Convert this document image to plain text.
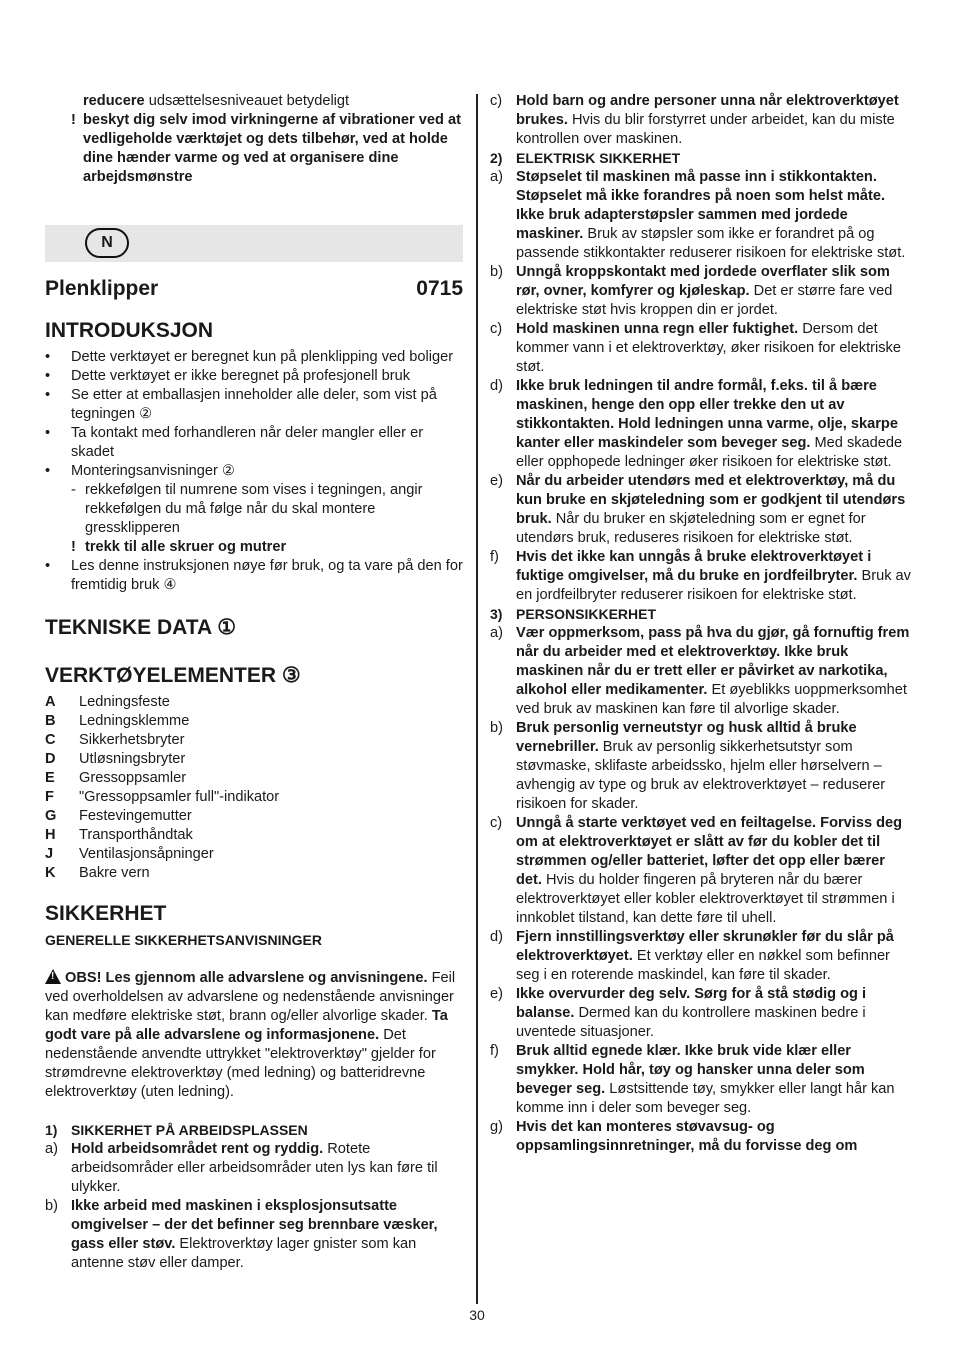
reducere udsættelsesniveauet betydeligt
! beskyt dig selv imod virkningerne af vibrationer ved at vedligeholde værktøjet og dets tilbehør, ved at holde dine hænder varme og ved at organisere dine arbejdsmønstre
N
Plenklipper	0715
INTRODUKSJON
•	Dette verktøyet er beregnet kun på plenklipping ved boliger
•	Dette verktøyet er ikke beregnet på profesjonell bruk
•	Se etter at emballasjen inneholder alle deler, som vist på tegningen ②
•	Ta kontakt med forhandleren når deler mangler eller er skadet
•	Monteringsanvisninger ②
- rekkefølgen til numrene som vises i tegningen, angir rekkefølgen du må følge når du skal montere gressklipperen
! trekk til alle skruer og mutrer
•	Les denne instruksjonen nøye før bruk, og ta vare på den for fremtidig bruk ④
TEKNISKE DATA ①
VERKTØYELEMENTER ③
A	Ledningsfeste
B	Ledningsklemme
C	Sikkerhetsbryter
D	Utløsningsbryter
E	Gressoppsamler
F	"Gressoppsamler full"-indikator
G	Festevingemutter
H	Transporthåndtak
J	Ventilasjonsåpninger
K	Bakre vern
SIKKERHET
GENERELLE SIKKERHETSANVISNINGER
!OBS! Les gjennom alle advarslene og anvisningene. Feil ved overholdelsen av advarslene og nedenstående anvisninger kan medføre elektriske støt, brann og/eller alvorlige skader. Ta godt vare på alle advarslene og informasjonene. Det nedenstående anvendte uttrykket "elektroverktøy" gjelder for strømdrevne elektroverktøy (med ledning) og batteridrevne elektroverktøy (uten ledning).
1) SIKKERHET PÅ ARBEIDSPLASSEN
a) Hold arbeidsområdet rent og ryddig. Rotete arbeidsområder eller arbeidsområder uten lys kan føre til ulykker.
b) Ikke arbeid med maskinen i eksplosjonsutsatte omgivelser – der det befinner seg brennbare væsker, gass eller støv. Elektroverktøy lager gnister som kan antenne støv eller damper.
c) Hold barn og andre personer unna når elektroverktøyet brukes. Hvis du blir forstyrret under arbeidet, kan du miste kontrollen over maskinen.
2) ELEKTRISK SIKKERHET
a) Støpselet til maskinen må passe inn i stikkontakten. Støpselet må ikke forandres på noen som helst måte. Ikke bruk adapterstøpsler sammen med jordede maskiner. Bruk av støpsler som ikke er forandret på og passende stikkontakter reduserer risikoen for elektriske støt.
b) Unngå kroppskontakt med jordede overflater slik som rør, ovner, komfyrer og kjøleskap. Det er større fare ved elektriske støt hvis kroppen din er jordet.
c) Hold maskinen unna regn eller fuktighet. Dersom det kommer vann i et elektroverktøy, øker risikoen for elektriske støt.
d) Ikke bruk ledningen til andre formål, f.eks. til å bære maskinen, henge den opp eller trekke den ut av stikkontakten. Hold ledningen unna varme, olje, skarpe kanter eller maskindeler som beveger seg. Med skadede eller opphopede ledninger øker risikoen for elektriske støt.
e) Når du arbeider utendørs med et elektroverktøy, må du kun bruke en skjøteledning som er godkjent til utendørs bruk. Når du bruker en skjøteledning som er egnet for utendørs bruk, reduseres risikoen for elektriske støt.
f)	Hvis det ikke kan unngås å bruke elektroverktøyet i fuktige omgivelser, må du bruke en jordfeilbryter. Bruk av en jordfeilbryter reduserer risikoen for elektriske støt.
3) PERSONSIKKERHET
a) Vær oppmerksom, pass på hva du gjør, gå fornuftig frem når du arbeider med et elektroverktøy. Ikke bruk maskinen når du er trett eller er påvirket av narkotika, alkohol eller medikamenter. Et øyeblikks uoppmerksomhet ved bruk av maskinen kan føre til alvorlige skader.
b) Bruk personlig verneutstyr og husk alltid å bruke vernebriller. Bruk av personlig sikkerhetsutstyr som støvmaske, sklifaste arbeidssko, hjelm eller hørselvern – avhengig av type og bruk av elektroverktøyet – reduserer risikoen for skader.
c) Unngå å starte verktøyet ved en feiltagelse. Forviss deg om at elektroverktøyet er slått av før du kobler det til strømmen og/eller batteriet, løfter det opp eller bærer det. Hvis du holder fingeren på bryteren når du bærer elektroverktøyet eller kobler elektroverktøyet til strømmen i innkoblet tilstand, kan dette føre til uhell.
d) Fjern innstillingsverktøy eller skrunøkler før du slår på elektroverktøyet. Et verktøy eller en nøkkel som befinner seg i en roterende maskindel, kan føre til skader.
e) Ikke overvurder deg selv. Sørg for å stå stødig og i balanse. Dermed kan du kontrollere maskinen bedre i uventede situasjoner.
f)	Bruk alltid egnede klær. Ikke bruk vide klær eller smykker. Hold hår, tøy og hansker unna deler som beveger seg. Løstsittende tøy, smykker eller langt hår kan komme inn i deler som beveger seg.
g) Hvis det kan monteres støvavsug- og oppsamlingsinnretninger, må du forvisse deg om
30
